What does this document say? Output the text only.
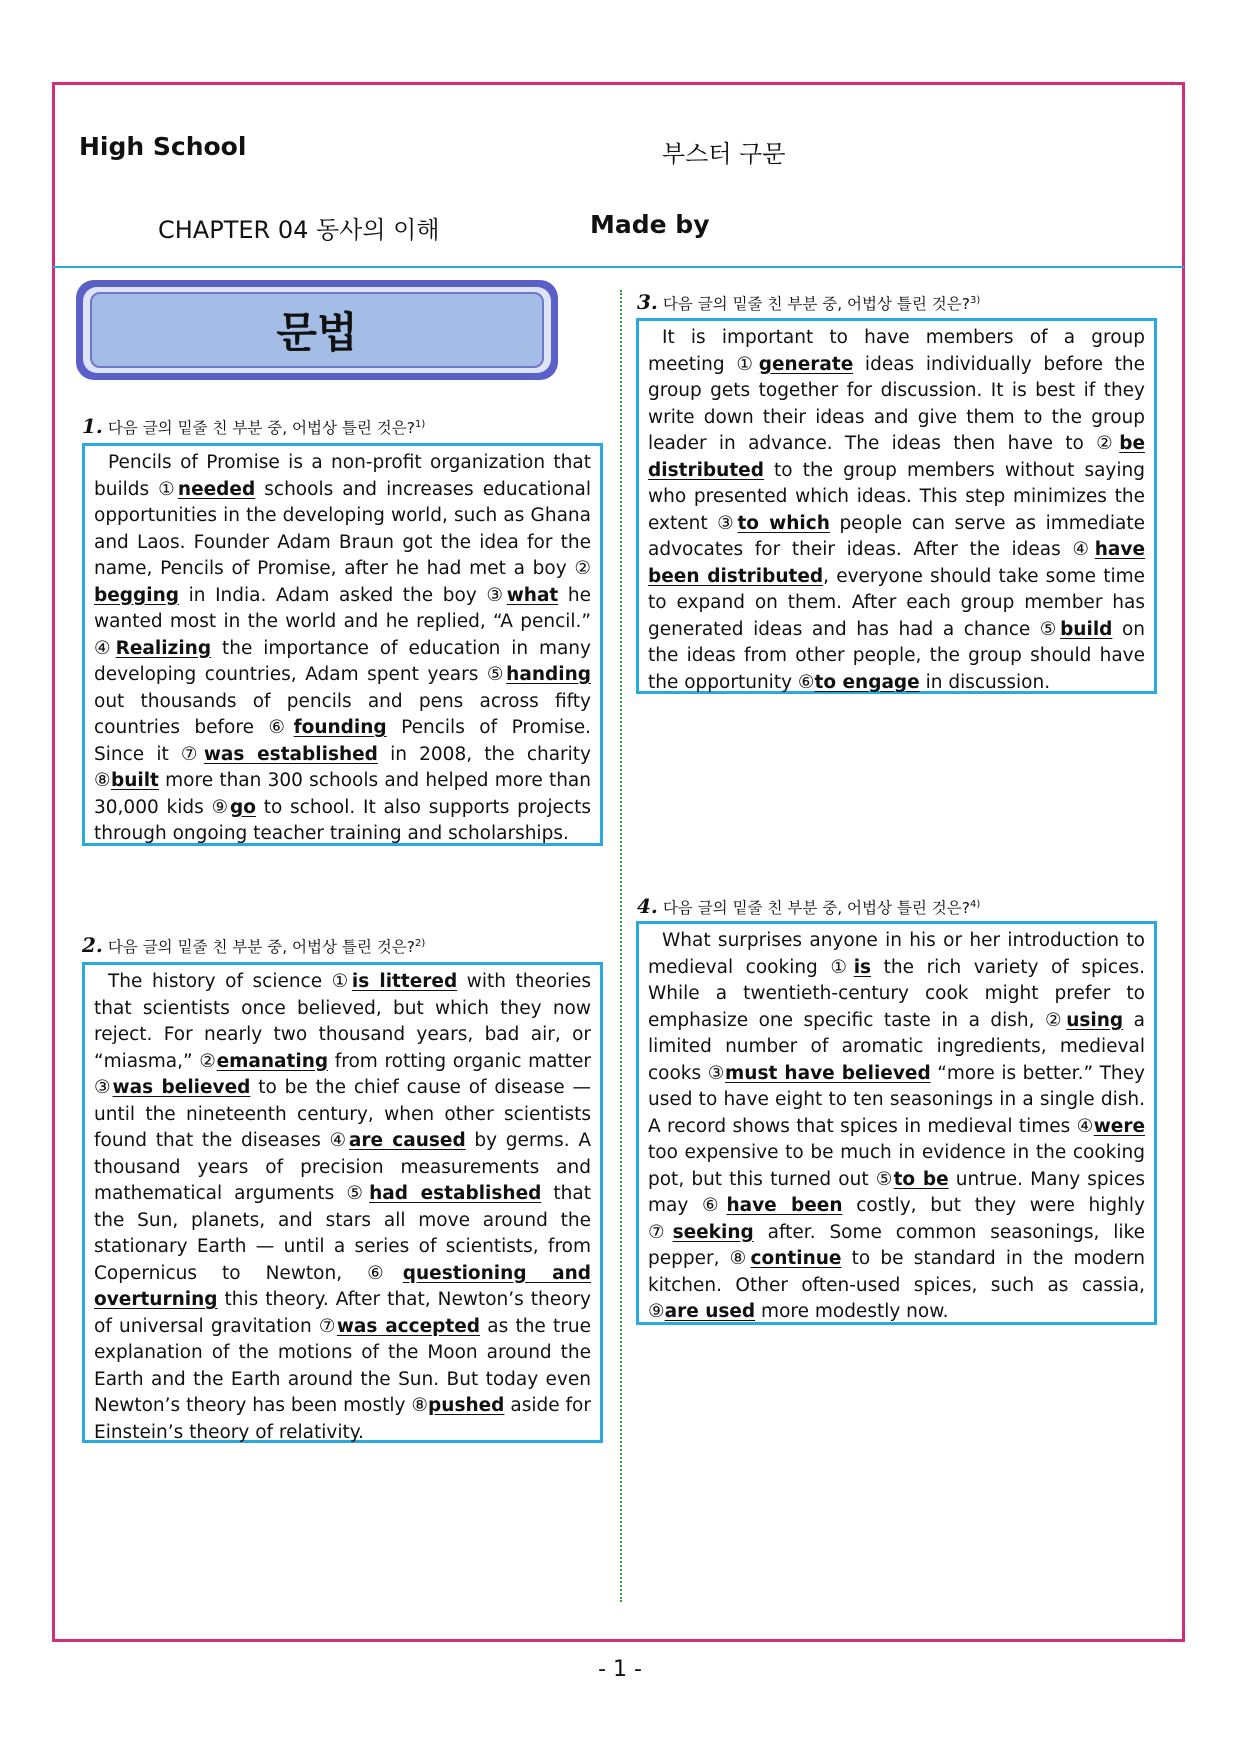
High School	부스터 구문
CHAPTER 04 동사의 이해	Made by
문법
1. 다음 글의 밑줄 친 부분 중, 어법상 틀린 것은?$^{1)}$

Pencils of Promise is a non-profit organization that builds ①needed schools and increases educational opportunities in the developing world, such as Ghana and Laos. Founder Adam Braun got the idea for the name, Pencils of Promise, after he had met a boy ② begging in India. Adam asked the boy ③what he wanted most in the world and he replied, “A pencil.” ④Realizing the importance of education in many developing countries, Adam spent years ⑤handing out thousands of pencils and pens across fifty countries before ⑥founding Pencils of Promise. Since it ⑦was established in 2008, the charity ⑧built more than 300 schools and helped more than 30,000 kids ⑨go to school. It also supports projects through ongoing teacher training and scholarships.

2. 다음 글의 밑줄 친 부분 중, 어법상 틀린 것은?$^{2)}$

The history of science ①is littered with theories that scientists once believed, but which they now reject. For nearly two thousand years, bad air, or “miasma,” ②emanating from rotting organic matter ③was believed to be the chief cause of disease — until the nineteenth century, when other scientists found that the diseases ④are caused by germs. A thousand years of precision measurements and mathematical arguments ⑤had established that the Sun, planets, and stars all move around the stationary Earth — until a series of scientists, from Copernicus to Newton, ⑥questioning and overturning this theory. After that, Newton’s theory of universal gravitation ⑦was accepted as the true explanation of the motions of the Moon around the Earth and the Earth around the Sun. But today even Newton’s theory has been mostly ⑧pushed aside for Einstein’s theory of relativity.

3. 다음 글의 밑줄 친 부분 중, 어법상 틀린 것은?$^{3)}$

It is important to have members of a group meeting ①generate ideas individually before the group gets together for discussion. It is best if they write down their ideas and give them to the group leader in advance. The ideas then have to ②be distributed to the group members without saying who presented which ideas. This step minimizes the extent ③to which people can serve as immediate advocates for their ideas. After the ideas ④have been distributed, everyone should take some time to expand on them. After each group member has generated ideas and has had a chance ⑤build on the ideas from other people, the group should have the opportunity ⑥to engage in discussion.

4. 다음 글의 밑줄 친 부분 중, 어법상 틀린 것은?$^{4)}$

What surprises anyone in his or her introduction to medieval cooking ①is the rich variety of spices. While a twentieth-century cook might prefer to emphasize one specific taste in a dish, ②using a limited number of aromatic ingredients, medieval cooks ③must have believed “more is better.” They used to have eight to ten seasonings in a single dish. A record shows that spices in medieval times ④were too expensive to be much in evidence in the cooking pot, but this turned out ⑤to be untrue. Many spices may ⑥have been costly, but they were highly ⑦seeking after. Some common seasonings, like pepper, ⑧continue to be standard in the modern kitchen. Other often-used spices, such as cassia, ⑨are used more modestly now.

- 1 -
